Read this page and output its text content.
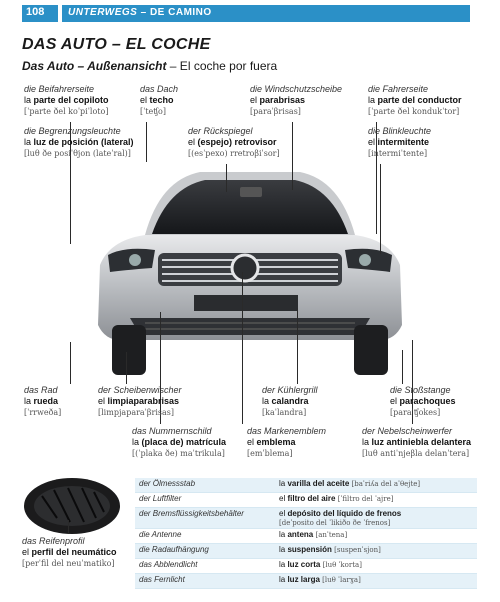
108 UNTERWEGS – DE CAMINO
DAS AUTO – EL COCHE
Das Auto – Außenansicht – El coche por fuera
die Beifahrerseite
la parte del copiloto
[ˈparte ðel koˈpiˈloto]
das Dach
el techo
[ˈteʧo]
die Windschutzscheibe
el parabrisas
[paraˈβrisas]
die Fahrerseite
la parte del conductor
[ˈparte ðel kondukˈtor]
die Begrenzungsleuchte
la luz de posición (lateral)
[luθ ðe posiˈθjon (lateˈral)]
der Rückspiegel
el (espejo) retrovisor
[(esˈpexo) rretroβiˈsor]
die Blinkleuchte
el intermitente
[intermiˈtente]
das Rad
la rueda
[ˈrrweða]
der Scheibenwischer
el limpiaparabrisas
[limpjaparaˈβrisas]
der Kühlergrill
la calandra
[kaˈlandra]
die Stoßstange
el parachoques
[paraˈʧokes]
das Nummernschild
la (placa de) matrícula
[(ˈplaka ðe) maˈtrikula]
das Markenemblem
el emblema
[emˈblema]
der Nebelscheinwerfer
la luz antiniebla delantera
[luθ antiˈnjeβla delanˈtera]
das Reifenprofil
el perfil del neumático
[perˈfil del neuˈmatiko]
der Ölmessstab	la varilla del aceite [baˈriʎa del aˈθejte]
der Luftfilter	el filtro del aire [ˈfiltro del ˈajre]
der Bremsflüssigkeitsbehälter	el depósito del líquido de frenos
[deˈposito del ˈlikiðo ðe ˈfrenos]
die Antenne	la antena [anˈtena]
die Radaufhängung	la suspensión [suspenˈsjon]
das Abblendlicht	la luz corta [luθ ˈkorta]
das Fernlicht	la luz larga [luθ ˈlarɣa]
